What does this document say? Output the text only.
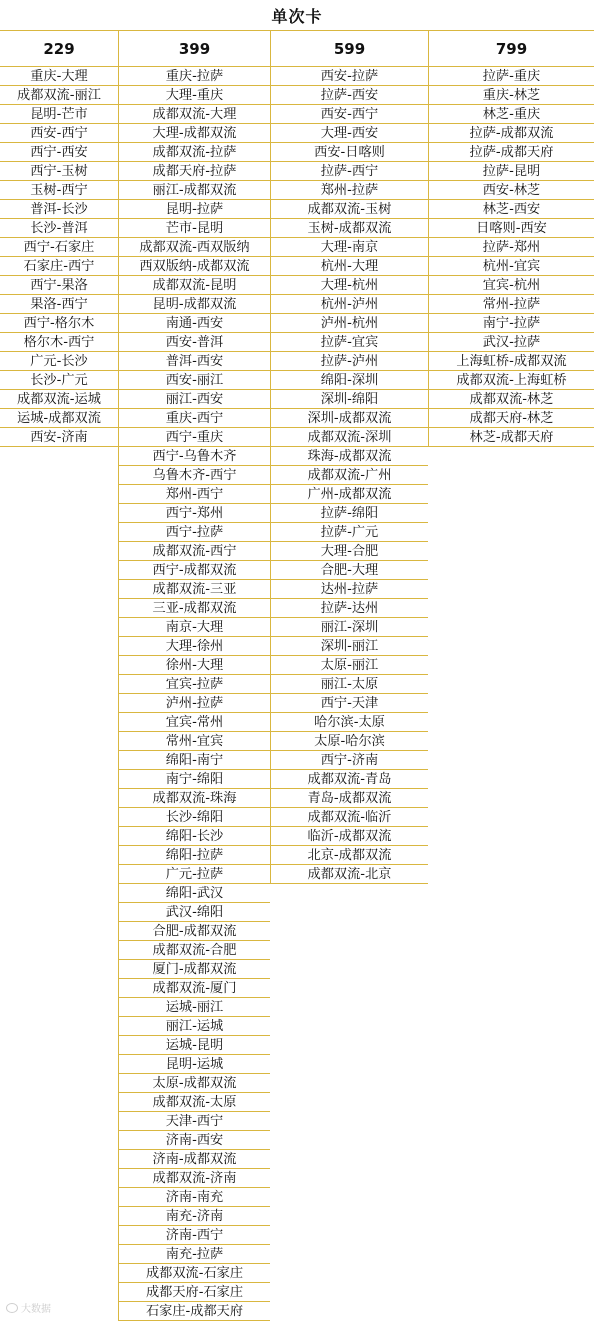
单次卡
229
重庆-大理
成都双流-丽江
昆明-芒市
西安-西宁
西宁-西安
西宁-玉树
玉树-西宁
普洱-长沙
长沙-普洱
西宁-石家庄
石家庄-西宁
西宁-果洛
果洛-西宁
西宁-格尔木
格尔木-西宁
广元-长沙
长沙-广元
成都双流-运城
运城-成都双流
西安-济南
399
重庆-拉萨
大理-重庆
成都双流-大理
大理-成都双流
成都双流-拉萨
成都天府-拉萨
丽江-成都双流
昆明-拉萨
芒市-昆明
成都双流-西双版纳
西双版纳-成都双流
成都双流-昆明
昆明-成都双流
南通-西安
西安-普洱
普洱-西安
西安-丽江
丽江-西安
重庆-西宁
西宁-重庆
西宁-乌鲁木齐
乌鲁木齐-西宁
郑州-西宁
西宁-郑州
西宁-拉萨
成都双流-西宁
西宁-成都双流
成都双流-三亚
三亚-成都双流
南京-大理
大理-徐州
徐州-大理
宜宾-拉萨
泸州-拉萨
宜宾-常州
常州-宜宾
绵阳-南宁
南宁-绵阳
成都双流-珠海
长沙-绵阳
绵阳-长沙
绵阳-拉萨
广元-拉萨
绵阳-武汉
武汉-绵阳
合肥-成都双流
成都双流-合肥
厦门-成都双流
成都双流-厦门
运城-丽江
丽江-运城
运城-昆明
昆明-运城
太原-成都双流
成都双流-太原
天津-西宁
济南-西安
济南-成都双流
成都双流-济南
济南-南充
南充-济南
济南-西宁
南充-拉萨
成都双流-石家庄
成都天府-石家庄
石家庄-成都天府
599
西安-拉萨
拉萨-西安
西安-西宁
大理-西安
西安-日喀则
拉萨-西宁
郑州-拉萨
成都双流-玉树
玉树-成都双流
大理-南京
杭州-大理
大理-杭州
杭州-泸州
泸州-杭州
拉萨-宜宾
拉萨-泸州
绵阳-深圳
深圳-绵阳
深圳-成都双流
成都双流-深圳
珠海-成都双流
成都双流-广州
广州-成都双流
拉萨-绵阳
拉萨-广元
大理-合肥
合肥-大理
达州-拉萨
拉萨-达州
丽江-深圳
深圳-丽江
太原-丽江
丽江-太原
西宁-天津
哈尔滨-太原
太原-哈尔滨
西宁-济南
成都双流-青岛
青岛-成都双流
成都双流-临沂
临沂-成都双流
北京-成都双流
成都双流-北京
799
拉萨-重庆
重庆-林芝
林芝-重庆
拉萨-成都双流
拉萨-成都天府
拉萨-昆明
西安-林芝
林芝-西安
日喀则-西安
拉萨-郑州
杭州-宜宾
宜宾-杭州
常州-拉萨
南宁-拉萨
武汉-拉萨
上海虹桥-成都双流
成都双流-上海虹桥
成都双流-林芝
成都天府-林芝
林芝-成都天府
大数据
